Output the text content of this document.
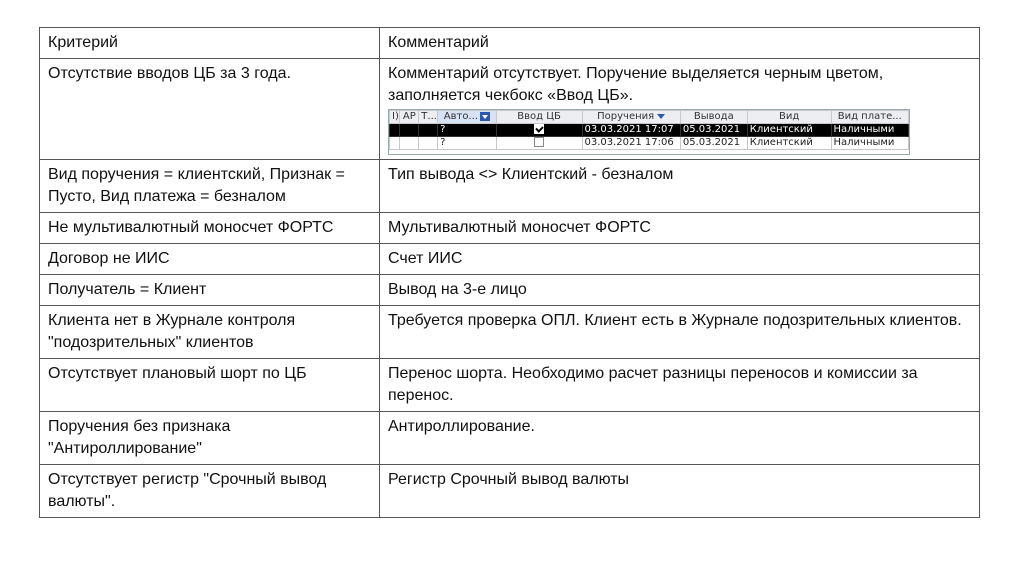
Критерий	Комментарий
Отсутствие вводов ЦБ за 3 года.	Комментарий отсутствует. Поручение выделяется черным цветом, заполняется чекбокс «Ввод ЦБ».
I)	АР	Т...	Авто...	Ввод ЦБ	Поручения	Вывода	Вид	Вид плате...
			?		03.03.2021 17:07	05.03.2021	Клиентский	Наличными
			?		03.03.2021 17:06	05.03.2021	Клиентский	Наличными

Вид поручения = клиентский, Признак = Пусто, Вид платежа = безналом	Тип вывода <> Клиентский - безналом
Не мультивалютный моносчет ФОРТС	Мультивалютный моносчет ФОРТС
Договор не ИИС	Счет ИИС
Получатель = Клиент	Вывод на 3-е лицо
Клиента нет в Журнале контроля "подозрительных" клиентов	Требуется проверка ОПЛ. Клиент есть в Журнале подозрительных клиентов.
Отсутствует плановый шорт по ЦБ	Перенос шорта. Необходимо расчет разницы переносов и комиссии за перенос.
Поручения без признака "Антироллирование"	Антироллирование.
Отсутствует регистр "Срочный вывод валюты".	Регистр Срочный вывод валюты
